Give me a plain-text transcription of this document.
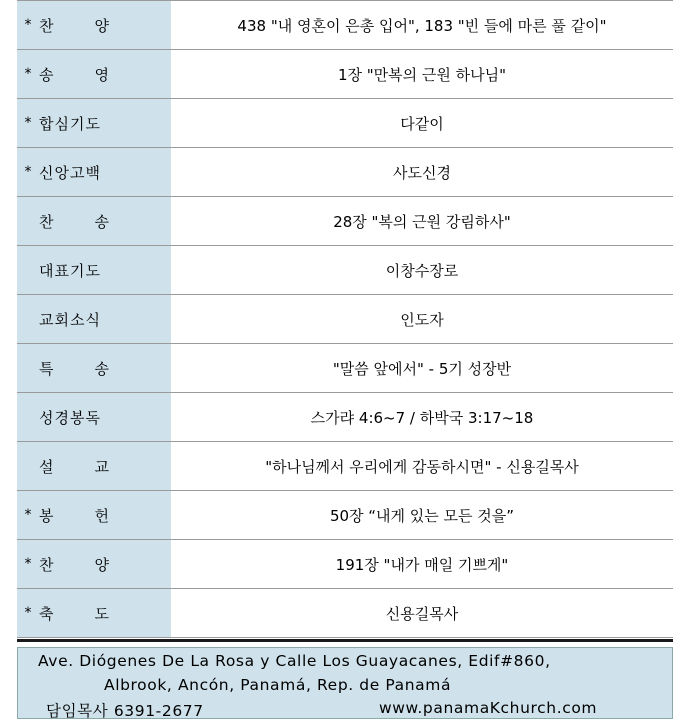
* 찬 양	438 "내 영혼이 은총 입어", 183 "빈 들에 마른 풀 같이"

* 송 영	1장 "만복의 근원 하나님"

* 합심기도	다같이

* 신앙고백	사도신경

찬 송	28장 "복의 근원 강림하사"

대표기도	이창수장로

교회소식	인도자

특 송	"말씀 앞에서" - 5기 성장반

성경봉독	스가랴 4:6~7 / 하박국 3:17~18

설 교	"하나님께서 우리에게 감동하시면" - 신용길목사

* 봉 헌	50장 “내게 있는 모든 것을”

* 찬 양	191장 "내가 매일 기쁘게"

* 축 도	신용길목사
Ave. Diógenes De La Rosa y Calle Los Guayacanes, Edif#860,
Albrook, Ancón, Panamá, Rep. de Panamá
담임목사 6391-2677	www.panamaKchurch.com
